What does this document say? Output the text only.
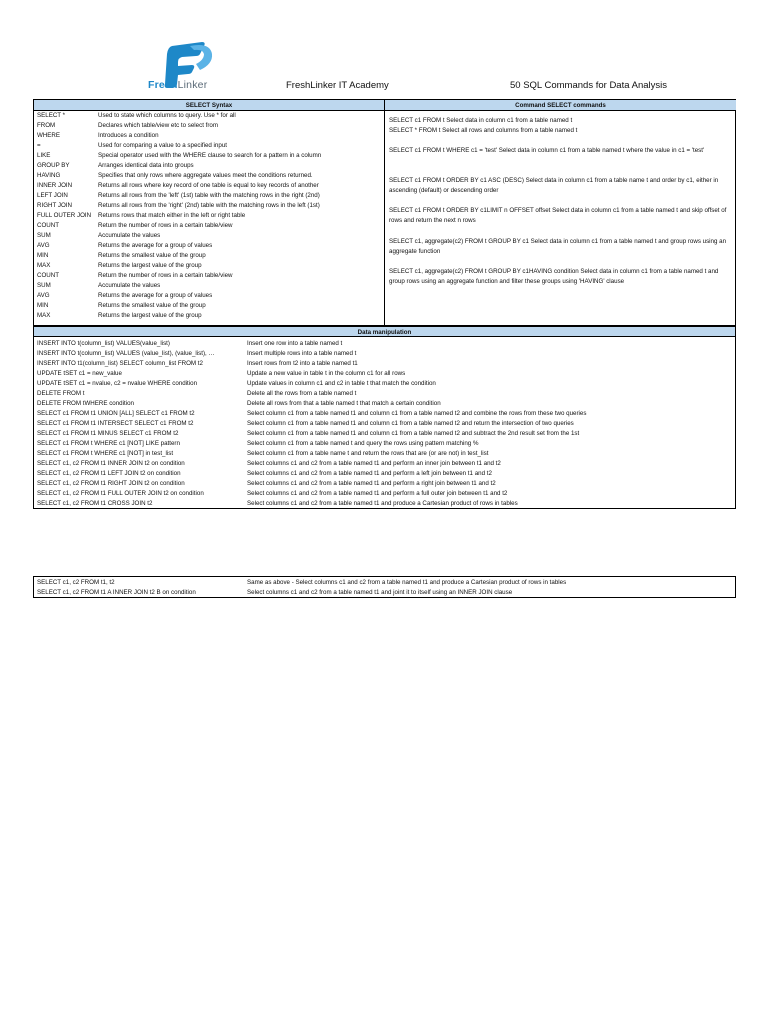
FreshLinker	FreshLinker IT Academy	50 SQL Commands for Data Analysis
SELECT Syntax
SELECT *	Used to state which columns to query. Use * for all
FROM	Declares which table/view etc to select from
WHERE	Introduces a condition
=	Used for comparing a value to a specified input
LIKE	Special operator used with the WHERE clause to search for a pattern in a column
GROUP BY	Arranges identical data into groups
HAVING	Specifies that only rows where aggregate values meet the conditions returned.
INNER JOIN	Returns all rows where key record of one table is equal to key records of another
LEFT JOIN	Returns all rows from the 'left' (1st) table with the matching rows in the right (2nd)
RIGHT JOIN	Returns all rows from the 'right' (2nd) table with the matching rows in the left (1st)
FULL OUTER JOIN Returns rows that match either in the left or right table
COUNT	Return the number of rows in a certain table/view
SUM	Accumulate the values
AVG	Returns the average for a group of values
MIN	Returns the smallest value of the group
MAX	Returns the largest value of the group
COUNT	Return the number of rows in a certain table/view
SUM	Accumulate the values
AVG	Returns the average for a group of values
MIN	Returns the smallest value of the group
MAX	Returns the largest value of the group
Command SELECT commands
SELECT c1 FROM t Select data in column c1 from a table named t
SELECT * FROM t Select all rows and columns from a table named t
SELECT c1 FROM t WHERE c1 = 'test' Select data in column c1 from a table named t where the value in c1 = 'test'
SELECT c1 FROM t ORDER BY c1 ASC (DESC) Select data in column c1 from a table name t and order by c1, either in ascending (default) or descending order
SELECT c1 FROM t ORDER BY c1LIMIT n OFFSET offset Select data in column c1 from a table named t and skip offset of rows and return the next n rows
SELECT c1, aggregate(c2) FROM t GROUP BY c1 Select data in column c1 from a table named t and group rows using an aggregate function
SELECT c1, aggregate(c2) FROM t GROUP BY c1HAVING condition Select data in column c1 from a table named t and group rows using an aggregate function and filter these groups using 'HAVING' clause
Data manipulation
INSERT INTO t(column_list) VALUES(value_list)	Insert one row into a table named t
INSERT INTO t(column_list) VALUES (value_list), (value_list), …	Insert multiple rows into a table named t
INSERT INTO t1(column_list) SELECT column_list FROM t2	Insert rows from t2 into a table named t1
UPDATE tSET c1 = new_value	Update a new value in table t in the column c1 for all rows
UPDATE tSET c1 = nvalue, c2 = nvalue WHERE condition	Update values in column c1 and c2 in table t that match the condition
DELETE FROM t	Delete all the rows from a table named t
DELETE FROM tWHERE condition	Delete all rows from that a table named t that match a certain condition
SELECT c1 FROM t1 UNION [ALL] SELECT c1 FROM t2	Select column c1 from a table named t1 and column c1 from a table named t2 and combine the rows from these two queries
SELECT c1 FROM t1 INTERSECT SELECT c1 FROM t2	Select column c1 from a table named t1 and column c1 from a table named t2 and return the intersection of two queries
SELECT c1 FROM t1 MINUS SELECT c1 FROM t2	Select column c1 from a table named t1 and column c1 from a table named t2 and subtract the 2nd result set from the 1st
SELECT c1 FROM t WHERE c1 [NOT] LIKE pattern	Select column c1 from a table named t and query the rows using pattern matching %
SELECT c1 FROM t WHERE c1 [NOT] in test_list	Select column c1 from a table name t and return the rows that are (or are not) in test_list
SELECT c1, c2 FROM t1 INNER JOIN t2 on condition	Select columns c1 and c2 from a table named t1 and perform an inner join between t1 and t2
SELECT c1, c2 FROM t1 LEFT JOIN t2 on condition	Select columns c1 and c2 from a table named t1 and perform a left join between t1 and t2
SELECT c1, c2 FROM t1 RIGHT JOIN t2 on condition	Select columns c1 and c2 from a table named t1 and perform a right join between t1 and t2
SELECT c1, c2 FROM t1 FULL OUTER JOIN t2 on condition	Select columns c1 and c2 from a table named t1 and perform a full outer join between t1 and t2
SELECT c1, c2 FROM t1 CROSS JOIN t2	Select columns c1 and c2 from a table named t1 and produce a Cartesian product of rows in tables
SELECT c1, c2 FROM t1, t2	Same as above - Select columns c1 and c2 from a table named t1 and produce a Cartesian product of rows in tables
SELECT c1, c2 FROM t1 A INNER JOIN t2 B on condition	Select columns c1 and c2 from a table named t1 and joint it to itself using an INNER JOIN clause
